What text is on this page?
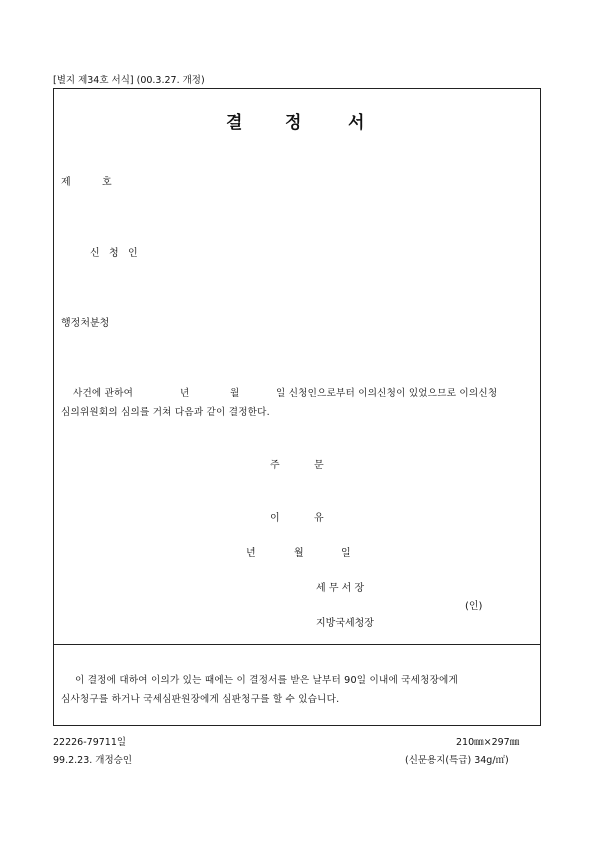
[별지 제34호 서식] (00.3.27. 개정)
결	정	서
제	호
신 청 인
행정처분청
사건에 관하여	년	월	일 신청인으로부터 이의신청이 있었으므로 이의신청
심의위원회의 심의를 거쳐 다음과 같이 결정한다.
주	문
이	유
년	월	일
세 무 서 장
(인)
지방국세청장
이 결정에 대하여 이의가 있는 때에는 이 결정서를 받은 날부터 90일 이내에 국세청장에게
심사청구를 하거나 국세심판원장에게 심판청구를 할 수 있습니다.
22226-79711일
99.2.23. 개정승인
210㎜×297㎜
(신문용지(특급) 34g/㎡)
